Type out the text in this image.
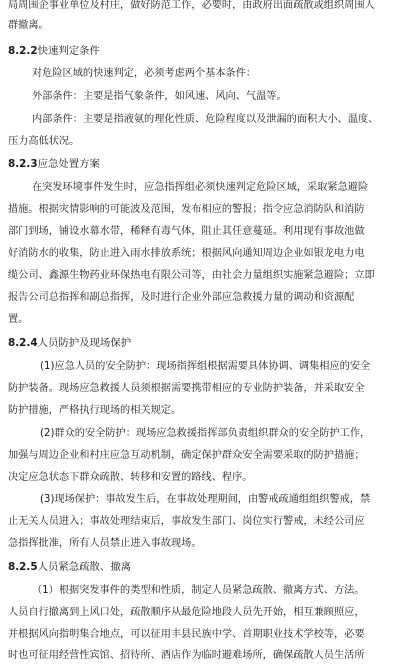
局周围企事业单位及村庄，做好防范工作，必要时，由政府出面疏散或组织周围人
群撤离。
8.2.2快速判定条件
对危险区域的快速判定，必须考虑两个基本条件：
外部条件：主要是指气象条件，如风速、风向、气温等。
内部条件：主要是指液氨的理化性质、危险程度以及泄漏的面积大小、温度、
压力高低状况。
8.2.3应急处置方案
在突发环境事件发生时，应急指挥组必须快速判定危险区域，采取紧急避险
措施。根据灾情影响的可能波及范围，发布相应的警报；指令应急消防队和消防
部门到场，铺设水幕水带，稀释有毒气体，阻止其任意蔓延。利用现有事故池做
好消防水的收集，防止进入雨水排放系统；根据风向通知周边企业如银龙电力电
缆公司、鑫源生物药业环保热电有限公司等，由社会力量组织实施紧急避险；立即
报告公司总指挥和副总指挥，及时进行企业外部应急救援力量的调动和资源配
置。
8.2.4人员防护及现场保护
(1)应急人员的安全防护：现场指挥组根据需要具体协调、调集相应的安全
防护装备。现场应急救援人员须根据需要携带相应的专业防护装备，并采取安全
防护措施，严格执行现场的相关规定。
(2)群众的安全防护：现场应急救援指挥部负责组织群众的安全防护工作，
加强与周边企业和村庄应急互动机制，确定保护群众安全需要采取的防护措施；
决定应急状态下群众疏散、转移和安置的路线、程序。
(3)现场保护：事故发生后，在事故处理期间，由警戒疏通组组织警戒，禁
止无关人员进入；事故处理结束后，事故发生部门、岗位实行警戒，未经公司应
急指挥批准，所有人员禁止进入事故现场。
8.2.5人员紧急疏散、撤离
（1）根据突发事件的类型和性质，制定人员紧急疏散、撤离方式、方法。
人员自行撤离到上风口处，疏散顺序从最危险地段人员先开始，相互兼顾照应，
并根据风向指明集合地点，可以征用丰县民族中学、首期职业技术学校等，必要
时也可征用经营性宾馆、招待所、酒店作为临时避难场所，确保疏散人员生活所
